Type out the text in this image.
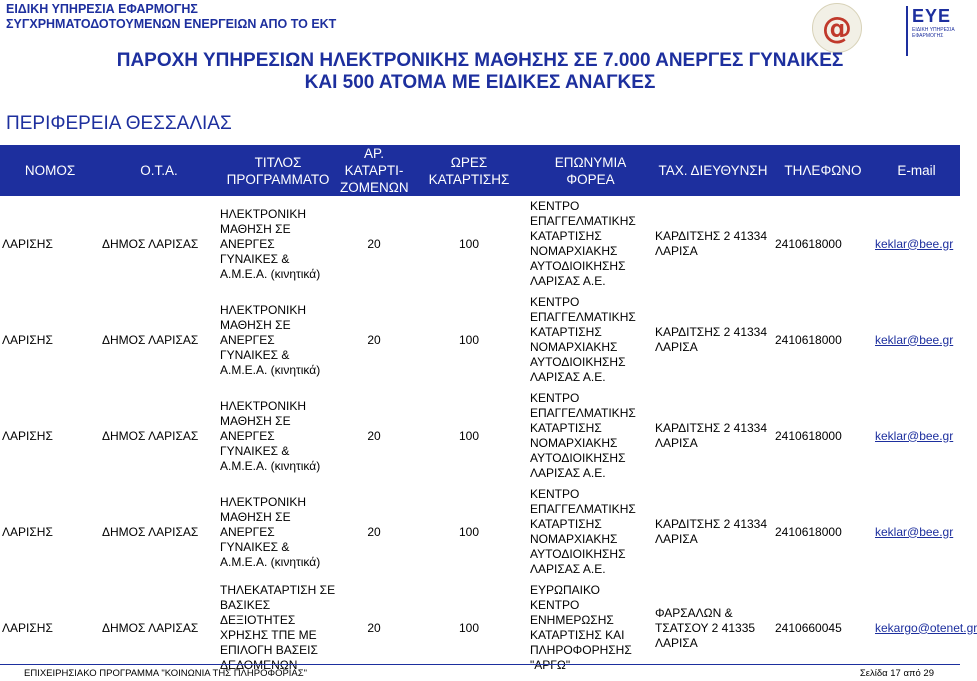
ΕΙΔΙΚΗ ΥΠΗΡΕΣΙΑ ΕΦΑΡΜΟΓΗΣ
ΣΥΓΧΡΗΜΑΤΟΔΟΤΟΥΜΕΝΩΝ ΕΝΕΡΓΕΙΩΝ ΑΠΟ ΤΟ ΕΚΤ	@	ΕΥΕ
ΕΙΔΙΚΗ ΥΠΗΡΕΣΙΑ ΕΦΑΡΜΟΓΗΣ
ΠΑΡΟΧΗ ΥΠΗΡΕΣΙΩΝ ΗΛΕΚΤΡΟΝΙΚΗΣ ΜΑΘΗΣΗΣ ΣΕ 7.000 ΑΝΕΡΓΕΣ ΓΥΝΑΙΚΕΣ
ΚΑΙ 500 ΑΤΟΜΑ ΜΕ ΕΙΔΙΚΕΣ ΑΝΑΓΚΕΣ
ΠΕΡΙΦΕΡΕΙΑ ΘΕΣΣΑΛΙΑΣ
ΝΟΜΟΣ	Ο.Τ.Α.	ΤΙΤΛΟΣ ΠΡΟΓΡΑΜΜΑΤΟ	ΑΡ. ΚΑΤΑΡΤΙ-ΖΟΜΕΝΩΝ	ΩΡΕΣ ΚΑΤΑΡΤΙΣΗΣ	ΕΠΩΝΥΜΙΑ ΦΟΡΕΑ	ΤΑΧ. ΔΙΕΥΘΥΝΣΗ	ΤΗΛΕΦΩΝΟ	E-mail
ΛΑΡΙΣΗΣ	ΔΗΜΟΣ ΛΑΡΙΣΑΣ	ΗΛΕΚΤΡΟΝΙΚΗ ΜΑΘΗΣΗ ΣΕ ΑΝΕΡΓΕΣ ΓΥΝΑΙΚΕΣ & Α.Μ.Ε.Α. (κινητικά)	20	100	ΚΕΝΤΡΟ ΕΠΑΓΓΕΛΜΑΤΙΚΗΣ ΚΑΤΑΡΤΙΣΗΣ ΝΟΜΑΡΧΙΑΚΗΣ ΑΥΤΟΔΙΟΙΚΗΣΗΣ ΛΑΡΙΣΑΣ Α.Ε.	ΚΑΡΔΙΤΣΗΣ 2 41334 ΛΑΡΙΣΑ	2410618000	keklar@bee.gr
ΛΑΡΙΣΗΣ	ΔΗΜΟΣ ΛΑΡΙΣΑΣ	ΗΛΕΚΤΡΟΝΙΚΗ ΜΑΘΗΣΗ ΣΕ ΑΝΕΡΓΕΣ ΓΥΝΑΙΚΕΣ & Α.Μ.Ε.Α. (κινητικά)	20	100	ΚΕΝΤΡΟ ΕΠΑΓΓΕΛΜΑΤΙΚΗΣ ΚΑΤΑΡΤΙΣΗΣ ΝΟΜΑΡΧΙΑΚΗΣ ΑΥΤΟΔΙΟΙΚΗΣΗΣ ΛΑΡΙΣΑΣ Α.Ε.	ΚΑΡΔΙΤΣΗΣ 2 41334 ΛΑΡΙΣΑ	2410618000	keklar@bee.gr
ΛΑΡΙΣΗΣ	ΔΗΜΟΣ ΛΑΡΙΣΑΣ	ΗΛΕΚΤΡΟΝΙΚΗ ΜΑΘΗΣΗ ΣΕ ΑΝΕΡΓΕΣ ΓΥΝΑΙΚΕΣ & Α.Μ.Ε.Α. (κινητικά)	20	100	ΚΕΝΤΡΟ ΕΠΑΓΓΕΛΜΑΤΙΚΗΣ ΚΑΤΑΡΤΙΣΗΣ ΝΟΜΑΡΧΙΑΚΗΣ ΑΥΤΟΔΙΟΙΚΗΣΗΣ ΛΑΡΙΣΑΣ Α.Ε.	ΚΑΡΔΙΤΣΗΣ 2 41334 ΛΑΡΙΣΑ	2410618000	keklar@bee.gr
ΛΑΡΙΣΗΣ	ΔΗΜΟΣ ΛΑΡΙΣΑΣ	ΗΛΕΚΤΡΟΝΙΚΗ ΜΑΘΗΣΗ ΣΕ ΑΝΕΡΓΕΣ ΓΥΝΑΙΚΕΣ & Α.Μ.Ε.Α. (κινητικά)	20	100	ΚΕΝΤΡΟ ΕΠΑΓΓΕΛΜΑΤΙΚΗΣ ΚΑΤΑΡΤΙΣΗΣ ΝΟΜΑΡΧΙΑΚΗΣ ΑΥΤΟΔΙΟΙΚΗΣΗΣ ΛΑΡΙΣΑΣ Α.Ε.	ΚΑΡΔΙΤΣΗΣ 2 41334 ΛΑΡΙΣΑ	2410618000	keklar@bee.gr
ΛΑΡΙΣΗΣ	ΔΗΜΟΣ ΛΑΡΙΣΑΣ	ΤΗΛΕΚΑΤΑΡΤΙΣΗ ΣΕ ΒΑΣΙΚΕΣ ΔΕΞΙΟΤΗΤΕΣ ΧΡΗΣΗΣ ΤΠΕ ΜΕ ΕΠΙΛΟΓΗ ΒΑΣΕΙΣ ΔΕΔΟΜΕΝΩΝ	20	100	ΕΥΡΩΠΑΙΚΟ ΚΕΝΤΡΟ ΕΝΗΜΕΡΩΣΗΣ ΚΑΤΑΡΤΙΣΗΣ ΚΑΙ ΠΛΗΡΟΦΟΡΗΣΗΣ "ΑΡΓΩ"	ΦΑΡΣΑΛΩΝ & ΤΣΑΤΣΟΥ 2 41335 ΛΑΡΙΣΑ	2410660045	kekargo@otenet.gr
ΕΠΙΧΕΙΡΗΣΙΑΚΟ ΠΡΟΓΡΑΜΜΑ "ΚΟΙΝΩΝΙΑ ΤΗΣ ΠΛΗΡΟΦΟΡΙΑΣ"	Σελίδα 17 από 29
